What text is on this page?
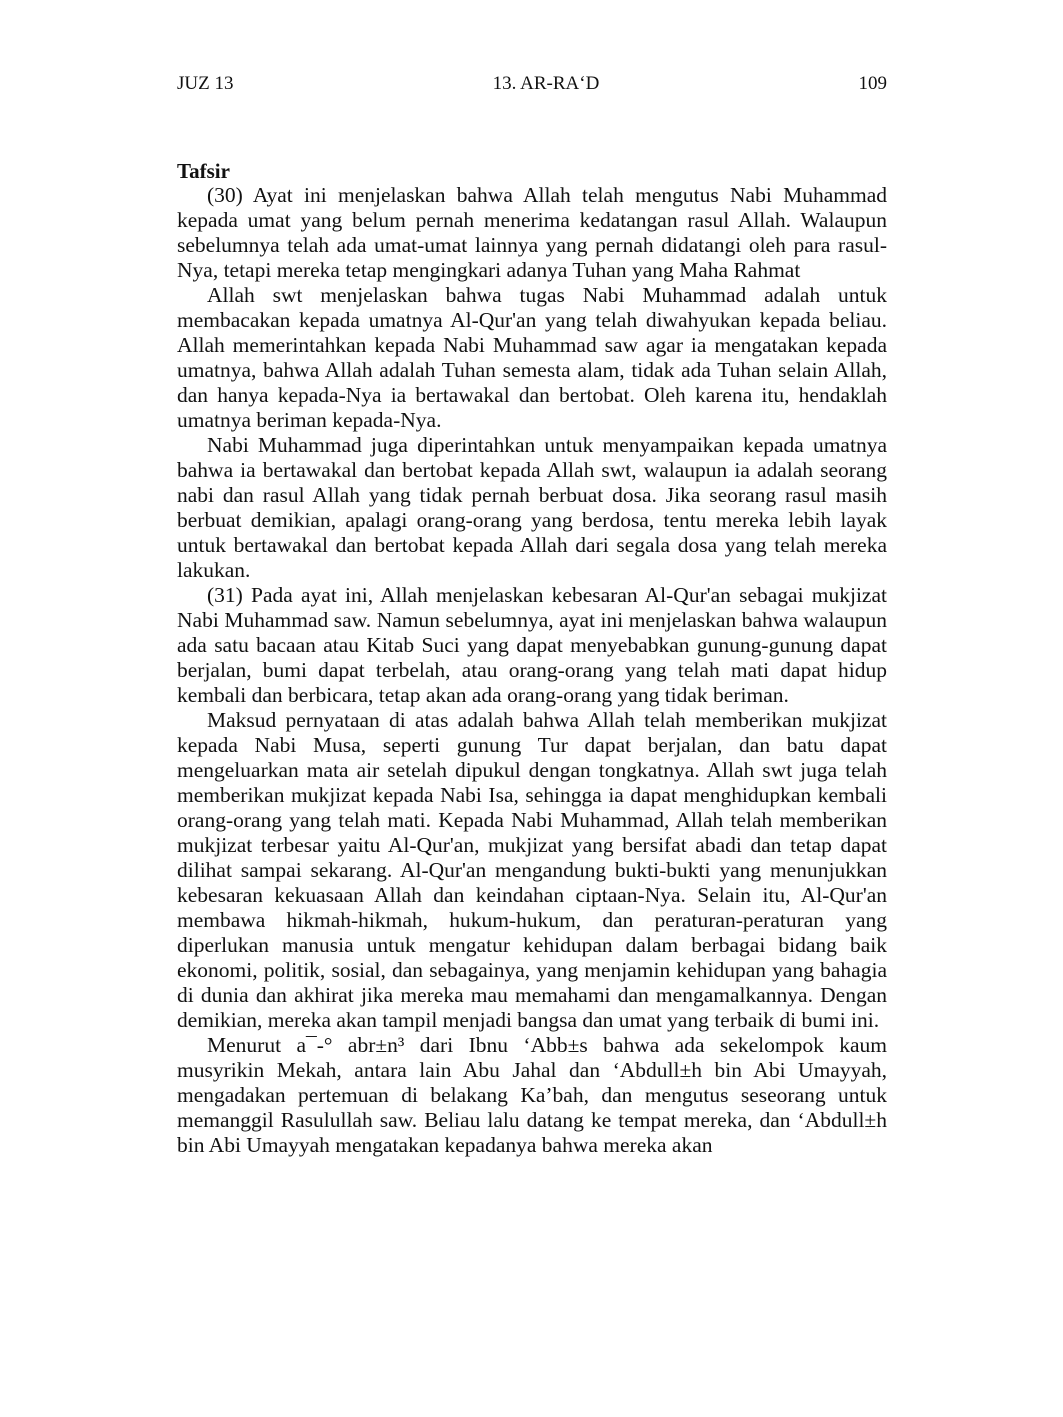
JUZ 13	13. AR-RA‘D	109
Tafsir

(30) Ayat ini menjelaskan bahwa Allah telah mengutus Nabi Muhammad kepada umat yang belum pernah menerima kedatangan rasul Allah. Walaupun sebelumnya telah ada umat-umat lainnya yang pernah didatangi oleh para rasul-Nya, tetapi mereka tetap mengingkari adanya Tuhan yang Maha Rahmat

Allah swt menjelaskan bahwa tugas Nabi Muhammad adalah untuk membacakan kepada umatnya Al-Qur'an yang telah diwahyukan kepada beliau. Allah memerintahkan kepada Nabi Muhammad saw agar ia mengatakan kepada umatnya, bahwa Allah adalah Tuhan semesta alam, tidak ada Tuhan selain Allah, dan hanya kepada-Nya ia bertawakal dan bertobat. Oleh karena itu, hendaklah umatnya beriman kepada-Nya.

Nabi Muhammad juga diperintahkan untuk menyampaikan kepada umatnya bahwa ia bertawakal dan bertobat kepada Allah swt, walaupun ia adalah seorang nabi dan rasul Allah yang tidak pernah berbuat dosa. Jika seorang rasul masih berbuat demikian, apalagi orang-orang yang berdosa, tentu mereka lebih layak untuk bertawakal dan bertobat kepada Allah dari segala dosa yang telah mereka lakukan.

(31) Pada ayat ini, Allah menjelaskan kebesaran Al-Qur'an sebagai mukjizat Nabi Muhammad saw. Namun sebelumnya, ayat ini menjelaskan bahwa walaupun ada satu bacaan atau Kitab Suci yang dapat menyebabkan gunung-gunung dapat berjalan, bumi dapat terbelah, atau orang-orang yang telah mati dapat hidup kembali dan berbicara, tetap akan ada orang-orang yang tidak beriman.

Maksud pernyataan di atas adalah bahwa Allah telah memberikan mukjizat kepada Nabi Musa, seperti gunung Tur dapat berjalan, dan batu dapat mengeluarkan mata air setelah dipukul dengan tongkatnya. Allah swt juga telah memberikan mukjizat kepada Nabi Isa, sehingga ia dapat menghidupkan kembali orang-orang yang telah mati. Kepada Nabi Muhammad, Allah telah memberikan mukjizat terbesar yaitu Al-Qur'an, mukjizat yang bersifat abadi dan tetap dapat dilihat sampai sekarang. Al-Qur'an mengandung bukti-bukti yang menunjukkan kebesaran kekuasaan Allah dan keindahan ciptaan-Nya. Selain itu, Al-Qur'an membawa hikmah-hikmah, hukum-hukum, dan peraturan-peraturan yang diperlukan manusia untuk mengatur kehidupan dalam berbagai bidang baik ekonomi, politik, sosial, dan sebagainya, yang menjamin kehidupan yang bahagia di dunia dan akhirat jika mereka mau memahami dan mengamalkannya. Dengan demikian, mereka akan tampil menjadi bangsa dan umat yang terbaik di bumi ini.

Menurut a¯-° abr±n³ dari Ibnu ‘Abb±s bahwa ada sekelompok kaum musyrikin Mekah, antara lain Abu Jahal dan ‘Abdull±h bin Abi Umayyah, mengadakan pertemuan di belakang Ka’bah, dan mengutus seseorang untuk memanggil Rasulullah saw. Beliau lalu datang ke tempat mereka, dan ‘Abdull±h bin Abi Umayyah mengatakan kepadanya bahwa mereka akan
